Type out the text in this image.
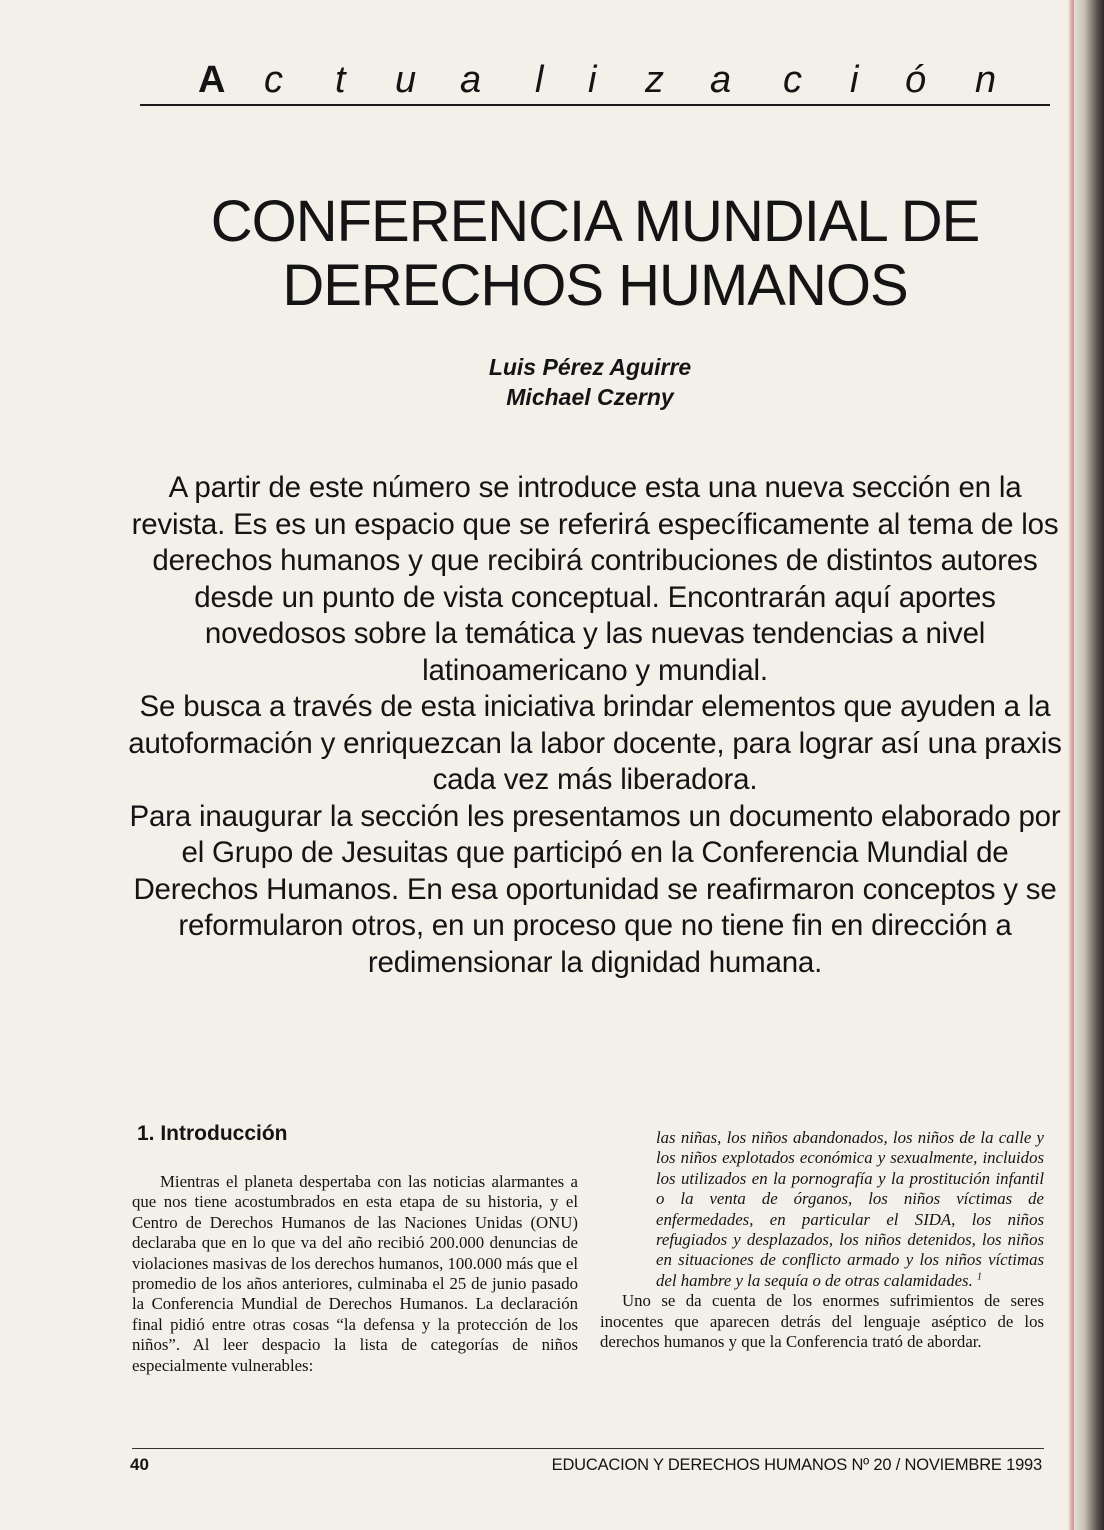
A c t u a l i z a c i ó n
CONFERENCIA MUNDIAL DE
DERECHOS HUMANOS
Luis Pérez Aguirre
Michael Czerny

A partir de este número se introduce esta una nueva sección en la revista. Es es un espacio que se referirá específicamente al tema de los derechos humanos y que recibirá contribuciones de distintos autores desde un punto de vista conceptual. Encontrarán aquí aportes novedosos sobre la temática y las nuevas tendencias a nivel latinoamericano y mundial.

Se busca a través de esta iniciativa brindar elementos que ayuden a la autoformación y enriquezcan la labor docente, para lograr así una praxis cada vez más liberadora.

Para inaugurar la sección les presentamos un documento elaborado por el Grupo de Jesuitas que participó en la Conferencia Mundial de Derechos Humanos. En esa oportunidad se reafirmaron conceptos y se reformularon otros, en un proceso que no tiene fin en dirección a redimensionar la dignidad humana.

1. Introducción

Mientras el planeta despertaba con las noticias alarmantes a que nos tiene acostumbrados en esta etapa de su historia, y el Centro de Derechos Humanos de las Naciones Unidas (ONU) declaraba que en lo que va del año recibió 200.000 denuncias de violaciones masivas de los derechos humanos, 100.000 más que el promedio de los años anteriores, culminaba el 25 de junio pasado la Conferencia Mundial de Derechos Humanos. La declaración final pidió entre otras cosas “la defensa y la protección de los niños”. Al leer despacio la lista de categorías de niños especialmente vulnerables:

las niñas, los niños abandonados, los niños de la calle y los niños explotados económica y sexualmente, incluidos los utilizados en la pornografía y la prostitución infantil o la venta de órganos, los niños víctimas de enfermedades, en particular el SIDA, los niños refugiados y desplazados, los niños detenidos, los niños en situaciones de conflicto armado y los niños víctimas del hambre y la sequía o de otras calamidades. $^1$

Uno se da cuenta de los enormes sufrimientos de seres inocentes que aparecen detrás del lenguaje aséptico de los derechos humanos y que la Conferencia trató de abordar.

40	EDUCACION Y DERECHOS HUMANOS Nº 20 / NOVIEMBRE 1993
